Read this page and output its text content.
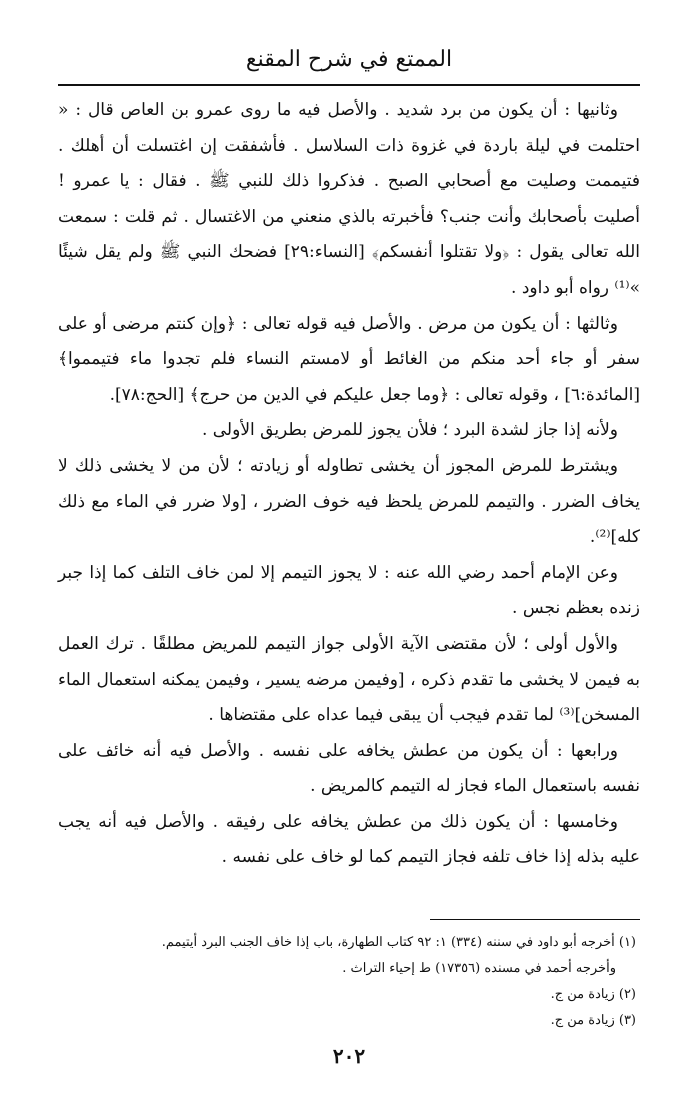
الممتع في شرح المقنع

وثانيها : أن يكون من برد شديد . والأصل فيه ما روى عمرو بن العاص قال : « احتلمت في ليلة باردة في غزوة ذات السلاسل . فأشفقت إن اغتسلت أن أهلك . فتيممت وصليت مع أصحابي الصبح . فذكروا ذلك للنبي ﷺ . فقال : يا عمرو ! أصليت بأصحابك وأنت جنب؟ فأخبرته بالذي منعني من الاغتسال . ثم قلت : سمعت الله تعالى يقول : ﴿ولا تقتلوا أنفسكم﴾ [النساء:٢٩] فضحك النبي ﷺ ولم يقل شيئًا »⁽¹⁾ رواه أبو داود .

وثالثها : أن يكون من مرض . والأصل فيه قوله تعالى : ﴿وإن كنتم مرضى أو على سفر أو جاء أحد منكم من الغائط أو لامستم النساء فلم تجدوا ماء فتيمموا﴾ [المائدة:٦] ، وقوله تعالى : ﴿وما جعل عليكم في الدين من حرج﴾ [الحج:٧٨].

ولأنه إذا جاز لشدة البرد ؛ فلأن يجوز للمرض بطريق الأولى .

ويشترط للمرض المجوز أن يخشى تطاوله أو زيادته ؛ لأن من لا يخشى ذلك لا يخاف الضرر . والتيمم للمرض يلحظ فيه خوف الضرر ، [ولا ضرر في الماء مع ذلك كله]⁽²⁾.

وعن الإمام أحمد رضي الله عنه : لا يجوز التيمم إلا لمن خاف التلف كما إذا جبر زنده بعظم نجس .

والأول أولى ؛ لأن مقتضى الآية الأولى جواز التيمم للمريض مطلقًا . ترك العمل به فيمن لا يخشى ما تقدم ذكره ، [وفيمن مرضه يسير ، وفيمن يمكنه استعمال الماء المسخن]⁽³⁾ لما تقدم فيجب أن يبقى فيما عداه على مقتضاها .

ورابعها : أن يكون من عطش يخافه على نفسه . والأصل فيه أنه خائف على نفسه باستعمال الماء فجاز له التيمم كالمريض .

وخامسها : أن يكون ذلك من عطش يخافه على رفيقه . والأصل فيه أنه يجب عليه بذله إذا خاف تلفه فجاز التيمم كما لو خاف على نفسه .

(١) أخرجه أبو داود في سننه (٣٣٤) ١: ٩٢ كتاب الطهارة، باب إذا خاف الجنب البرد أيتيمم.

وأخرجه أحمد في مسنده (١٧٣٥٦) ط إحياء التراث .

(٢) زيادة من ج.

(٣) زيادة من ج.

٢٠٢
